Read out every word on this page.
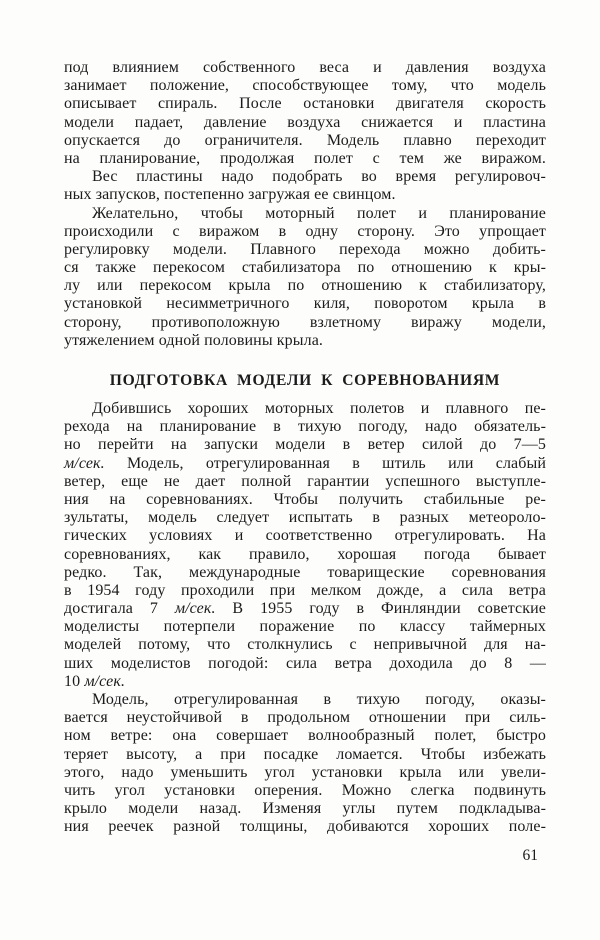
под влиянием собственного веса и давления воздуха
занимает положение, способствующее тому, что модель
описывает спираль. После остановки двигателя скорость
модели падает, давление воздуха снижается и пластина
опускается до ограничителя. Модель плавно переходит
на планирование, продолжая полет с тем же виражом.
Вес пластины надо подобрать во время регулировоч-
ных запусков, постепенно загружая ее свинцом.
Желательно, чтобы моторный полет и планирование
происходили с виражом в одну сторону. Это упрощает
регулировку модели. Плавного перехода можно добить-
ся также перекосом стабилизатора по отношению к кры-
лу или перекосом крыла по отношению к стабилизатору,
установкой несимметричного киля, поворотом крыла в
сторону, противоположную взлетному виражу модели,
утяжелением одной половины крыла.
ПОДГОТОВКА МОДЕЛИ К СОРЕВНОВАНИЯМ
Добившись хороших моторных полетов и плавного пе-
рехода на планирование в тихую погоду, надо обязатель-
но перейти на запуски модели в ветер силой до 7—5
м/сек. Модель, отрегулированная в штиль или слабый
ветер, еще не дает полной гарантии успешного выступле-
ния на соревнованиях. Чтобы получить стабильные ре-
зультаты, модель следует испытать в разных метеороло-
гических условиях и соответственно отрегулировать. На
соревнованиях, как правило, хорошая погода бывает
редко. Так, международные товарищеские соревнования
в 1954 году проходили при мелком дожде, а сила ветра
достигала 7 м/сек. В 1955 году в Финляндии советские
моделисты потерпели поражение по классу таймерных
моделей потому, что столкнулись с непривычной для на-
ших моделистов погодой: сила ветра доходила до 8 —
10 м/сек.
Модель, отрегулированная в тихую погоду, оказы-
вается неустойчивой в продольном отношении при силь-
ном ветре: она совершает волнообразный полет, быстро
теряет высоту, а при посадке ломается. Чтобы избежать
этого, надо уменьшить угол установки крыла или увели-
чить угол установки оперения. Можно слегка подвинуть
крыло модели назад. Изменяя углы путем подкладыва-
ния реечек разной толщины, добиваются хороших поле-
61
